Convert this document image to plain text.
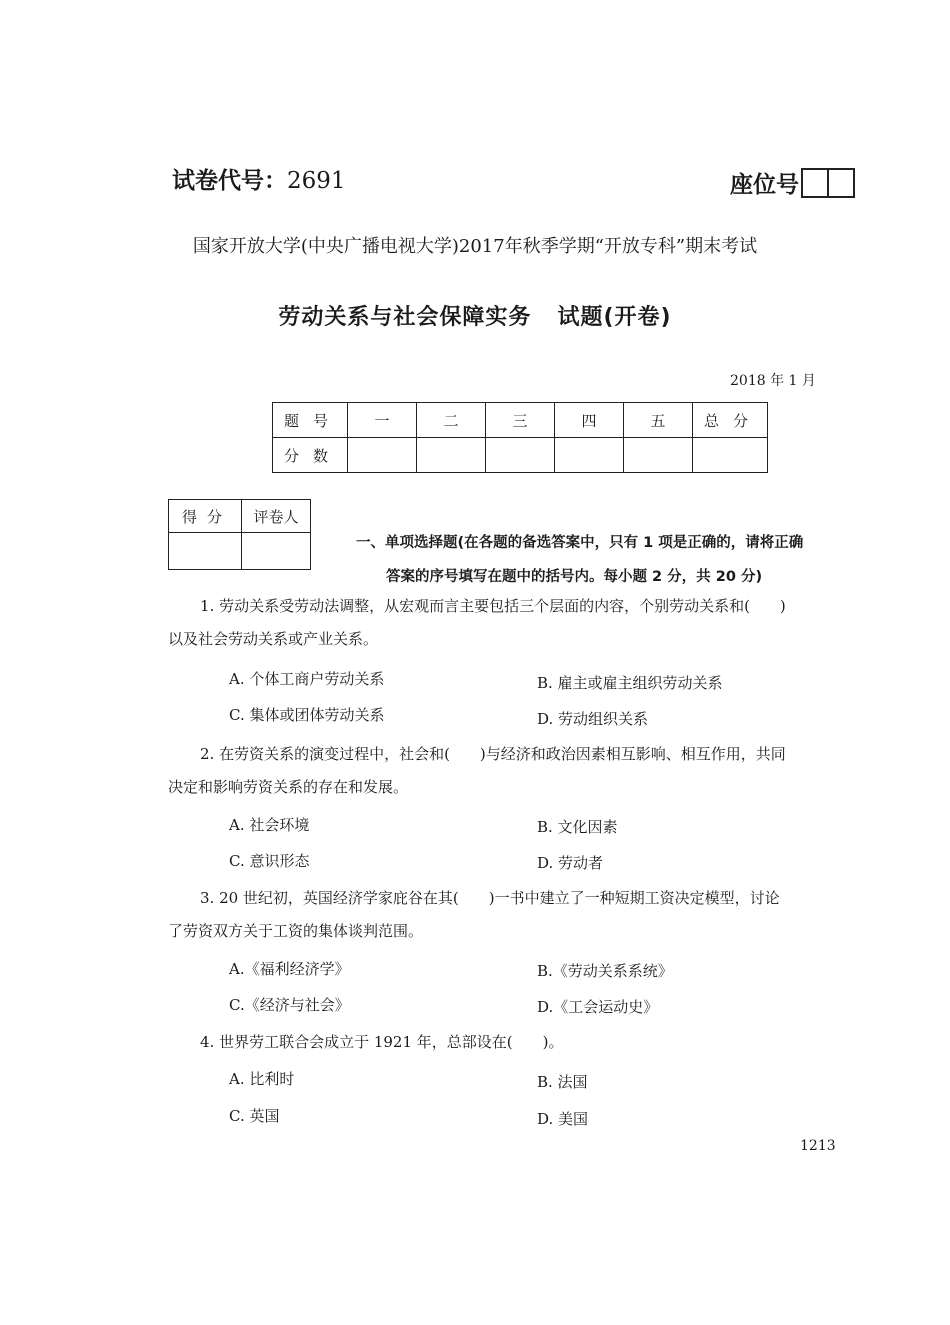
试卷代号：2691	座位号
国家开放大学(中央广播电视大学)2017年秋季学期“开放专科”期末考试
劳动关系与社会保障实务 试题(开卷)
2018 年 1 月
题号	一	二	三	四	五	总分
分数						
得分	评卷人

一、单项选择题(在各题的备选答案中，只有 1 项是正确的，请将正确
答案的序号填写在题中的括号内。每小题 2 分，共 20 分)
1. 劳动关系受劳动法调整，从宏观而言主要包括三个层面的内容，个别劳动关系和(　　)
以及社会劳动关系或产业关系。
A. 个体工商户劳动关系	B. 雇主或雇主组织劳动关系
C. 集体或团体劳动关系	D. 劳动组织关系
2. 在劳资关系的演变过程中，社会和(　　)与经济和政治因素相互影响、相互作用，共同
决定和影响劳资关系的存在和发展。
A. 社会环境	B. 文化因素
C. 意识形态	D. 劳动者
3. 20 世纪初，英国经济学家庇谷在其(　　)一书中建立了一种短期工资决定模型，讨论
了劳资双方关于工资的集体谈判范围。
A.《福利经济学》	B.《劳动关系系统》
C.《经济与社会》	D.《工会运动史》
4. 世界劳工联合会成立于 1921 年，总部设在(　　)。
A. 比利时	B. 法国
C. 英国	D. 美国
1213
